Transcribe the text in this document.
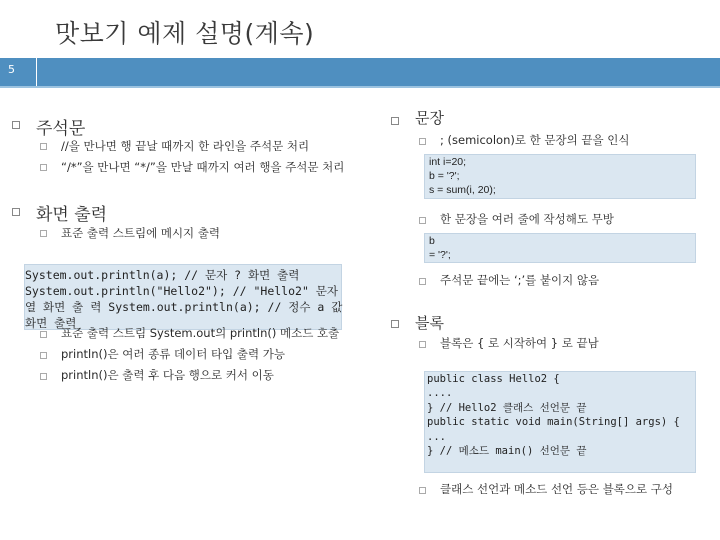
맛보기 예제 설명(계속)
5
주석문
//을 만나면 행 끝날 때까지 한 라인을 주석문 처리
“/*”을 만나면 “*/”을 만날 때까지 여러 행을 주석문 처리
화면 출력
표준 출력 스트림에 메시지 출력
System.out.println(a); // 문자 ? 화면 출력 System.out.println("Hello2"); // "Hello2" 문자열 화면 출 력 System.out.println(a); // 정수 a 값 화면 출력
표준 출력 스트림 System.out의 println() 메소드 호출
println()은 여러 종류 데이터 타입 출력 가능
println()은 출력 후 다음 행으로 커서 이동
문장
; (semicolon)로 한 문장의 끝을 인식
int i=20;
b = '?';
s = sum(i, 20);
한 문장을 여러 줄에 작성해도 무방
b
= '?';
주석문 끝에는 ‘;’를 붙이지 않음
블록
블록은 { 로 시작하여 } 로 끝남
public class Hello2 {
....
} // Hello2 클래스 선언문 끝
public static void main(String[] args) {
...
} // 메소드 main() 선언문 끝
클래스 선언과 메소드 선언 등은 블록으로 구성
